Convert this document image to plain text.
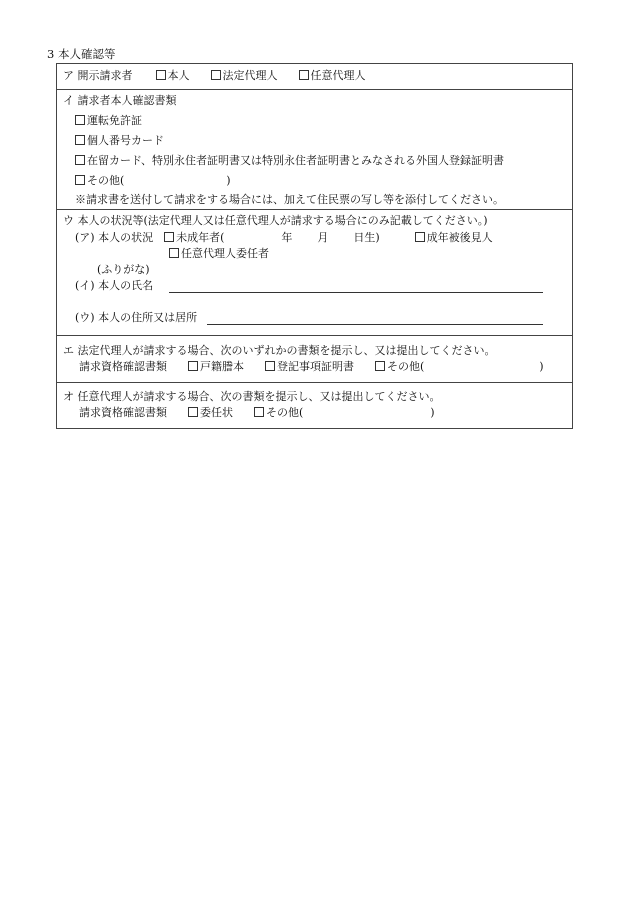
3 本人確認等
ア 開示請求者	本人	法定代理人	任意代理人
イ 請求者本人確認書類
運転免許証
個人番号カード
在留カード、特別永住者証明書又は特別永住者証明書とみなされる外国人登録証明書
その他(	)
※請求書を送付して請求をする場合には、加えて住民票の写し等を添付してください。
ウ 本人の状況等(法定代理人又は任意代理人が請求する場合にのみ記載してください。)
(ア) 本人の状況 未成年者(	年 月 日生)	成年被後見人
任意代理人委任者
(ふりがな)
(イ) 本人の氏名
(ウ) 本人の住所又は居所
エ 法定代理人が請求する場合、次のいずれかの書類を提示し、又は提出してください。
請求資格確認書類	戸籍謄本	登記事項証明書	その他(	)
オ 任意代理人が請求する場合、次の書類を提示し、又は提出してください。
請求資格確認書類	委任状	その他(	)
